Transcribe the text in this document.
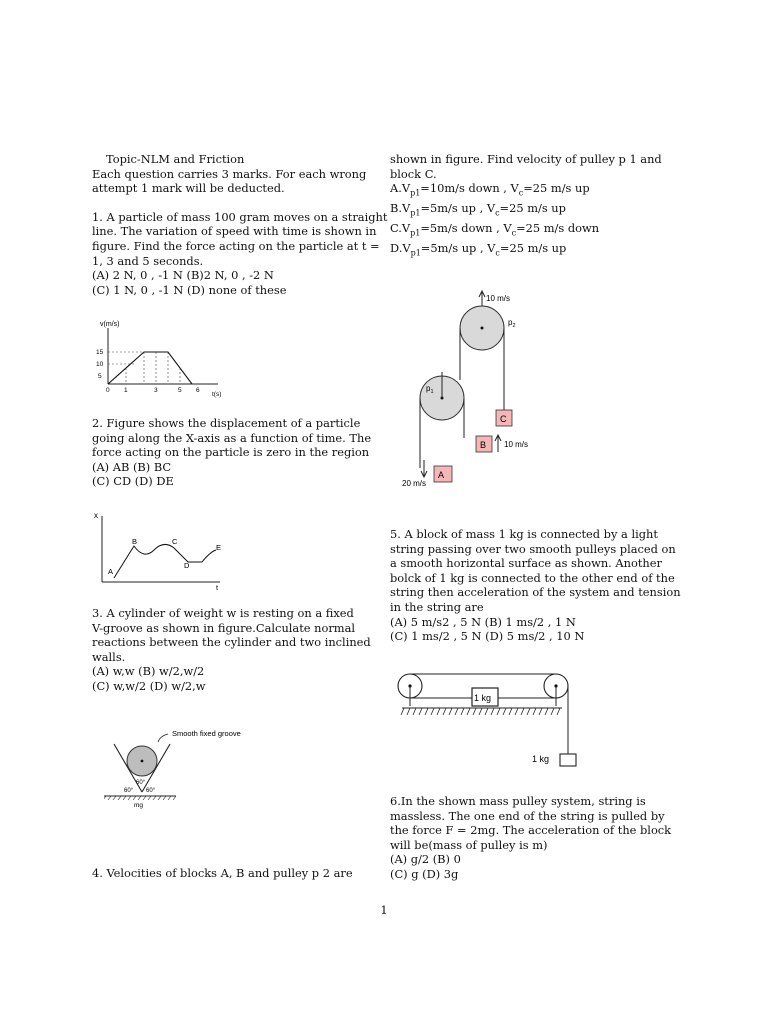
Topic-NLM and Friction
Each question carries 3 marks. For each wrong
attempt 1 mark will be deducted.
1. A particle of mass 100 gram moves on a straight
line. The variation of speed with time is shown in
figure. Find the force acting on the particle at t =
1, 3 and 5 seconds.
(A) 2 N, 0 , -1 N (B)2 N, 0 , -2 N
(C) 1 N, 0 , -1 N (D) none of these
v(m/s)
15
10
5
0 1	3	5 6
t(s)
2. Figure shows the displacement of a particle
going along the X-axis as a function of time. The
force acting on the particle is zero in the region
(A) AB (B) BC
(C) CD (D) DE
x
A
B	C
D
E
t
3. A cylinder of weight w is resting on a fixed
V-groove as shown in figure.Calculate normal
reactions between the cylinder and two inclined
walls.
(A) w,w (B) w/2,w/2
(C) w,w/2 (D) w/2,w
Smooth fixed groove
60°
60° 60°
mg
4. Velocities of blocks A, B and pulley p 2 are
shown in figure. Find velocity of pulley p 1 and
block C.
$A.V_{p1}=10m/s$ down , $V_c=25$ m/s up
$B.V_{p1}=5m/s$ up , $V_c=25$ m/s up
$C.V_{p1}=5m/s$ down , $V_c=25$ m/s down
$D.V_{p1}=5m/s$ up , $V_c=25$ m/s up
10 m/s
$p_2$
$p_1$
C
B 10 m/s
A
20 m/s
5. A block of mass 1 kg is connected by a light
string passing over two smooth pulleys placed on
a smooth horizontal surface as shown. Another
bolck of 1 kg is connected to the other end of the
string then acceleration of the system and tension
in the string are
(A) 5 m/s2 , 5 N (B) 1 ms/2 , 1 N
(C) 1 ms/2 , 5 N (D) 5 ms/2 , 10 N
1 kg
1 kg
6.In the shown mass pulley system, string is
massless. The one end of the string is pulled by
the force F = 2mg. The acceleration of the block
will be(mass of pulley is m)
(A) g/2 (B) 0
(C) g (D) 3g
1
